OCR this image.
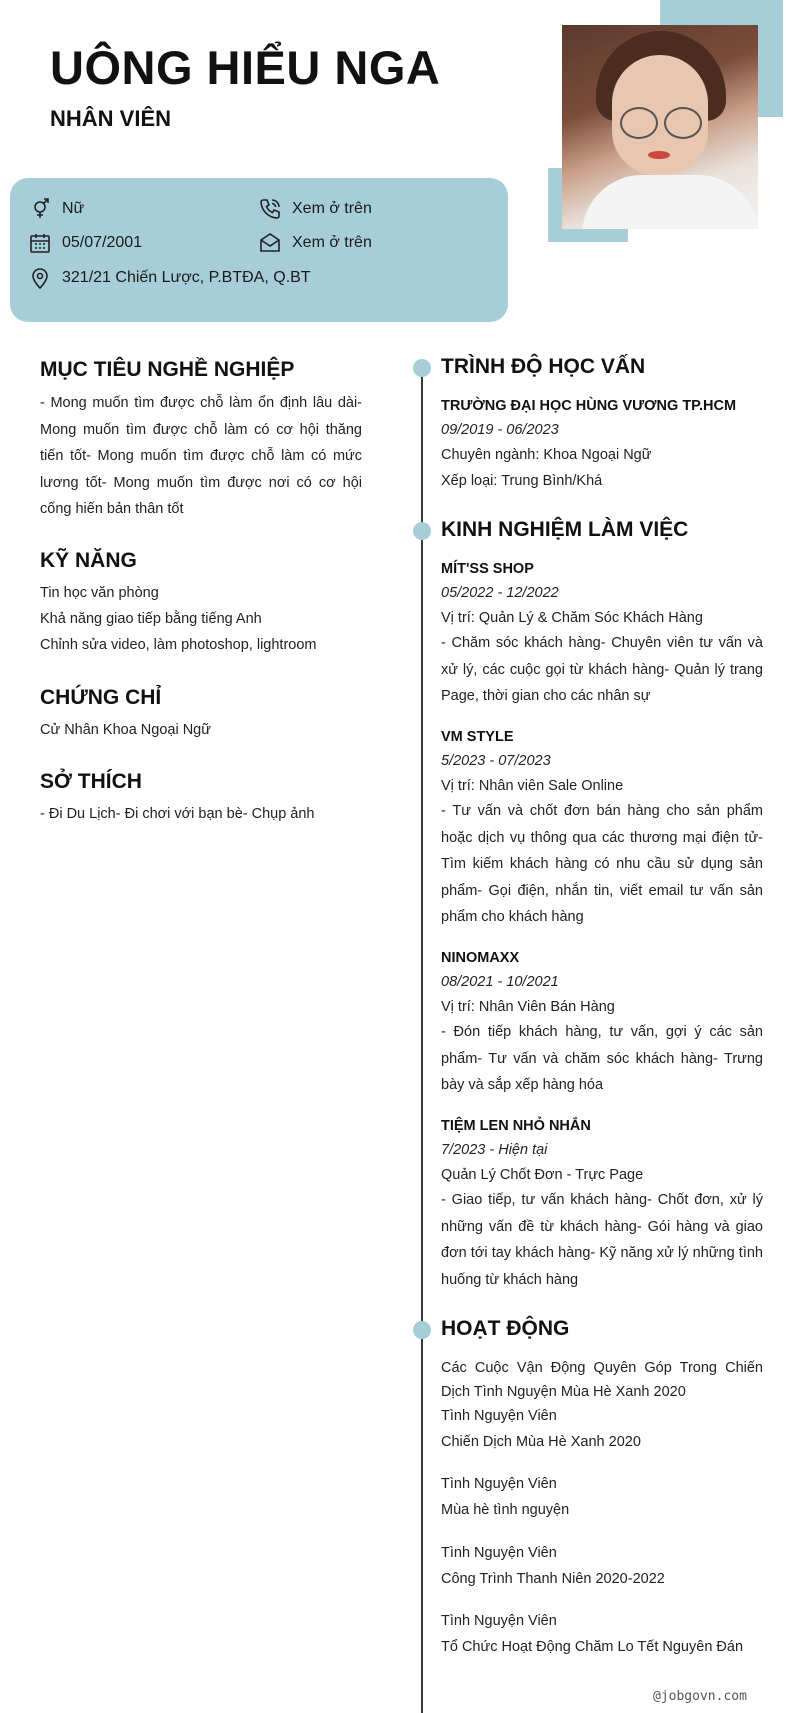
UÔNG HIỂU NGA
NHÂN VIÊN
Nữ	Xem ở trên
05/07/2001	Xem ở trên
321/21 Chiến Lược, P.BTĐA, Q.BT
MỤC TIÊU NGHỀ NGHIỆP
- Mong muốn tìm được chỗ làm ổn định lâu dài- Mong muốn tìm được chỗ làm có cơ hội thăng tiến tốt- Mong muốn tìm được chỗ làm có mức lương tốt- Mong muốn tìm được nơi có cơ hội cống hiến bản thân tốt
KỸ NĂNG
Tin học văn phòng
Khả năng giao tiếp bằng tiếng Anh
Chỉnh sửa video, làm photoshop, lightroom
CHỨNG CHỈ
Cử Nhân Khoa Ngoại Ngữ
SỞ THÍCH
- Đi Du Lịch- Đi chơi với bạn bè- Chụp ảnh
TRÌNH ĐỘ HỌC VẤN
TRƯỜNG ĐẠI HỌC HÙNG VƯƠNG TP.HCM
09/2019 - 06/2023
Chuyên ngành: Khoa Ngoại Ngữ
Xếp loại: Trung Bình/Khá
KINH NGHIỆM LÀM VIỆC
MÍT'SS SHOP
05/2022 - 12/2022
Vị trí: Quản Lý & Chăm Sóc Khách Hàng
- Chăm sóc khách hàng- Chuyên viên tư vấn và xử lý, các cuộc gọi từ khách hàng- Quản lý trang Page, thời gian cho các nhân sự
VM STYLE
5/2023 - 07/2023
Vị trí: Nhân viên Sale Online
- Tư vấn và chốt đơn bán hàng cho sản phẩm hoặc dịch vụ thông qua các thương mại điện tử- Tìm kiếm khách hàng có nhu cầu sử dụng sản phẩm- Gọi điện, nhắn tin, viết email tư vấn sản phẩm cho khách hàng
NINOMAXX
08/2021 - 10/2021
Vị trí: Nhân Viên Bán Hàng
- Đón tiếp khách hàng, tư vấn, gợi ý các sản phẩm- Tư vấn và chăm sóc khách hàng- Trưng bày và sắp xếp hàng hóa
TIỆM LEN NHỎ NHẮN
7/2023 - Hiện tại
Quản Lý Chốt Đơn - Trực Page
- Giao tiếp, tư vấn khách hàng- Chốt đơn, xử lý những vấn đề từ khách hàng- Gói hàng và giao đơn tới tay khách hàng- Kỹ năng xử lý những tình huống từ khách hàng
HOẠT ĐỘNG
Các Cuộc Vận Động Quyên Góp Trong Chiến Dịch Tình Nguyện Mùa Hè Xanh 2020
Tình Nguyện Viên
Chiến Dịch Mùa Hè Xanh 2020
Tình Nguyện Viên
Mùa hè tình nguyện
Tình Nguyện Viên
Công Trình Thanh Niên 2020-2022
Tình Nguyện Viên
Tổ Chức Hoạt Động Chăm Lo Tết Nguyên Đán
@jobgovn.com
